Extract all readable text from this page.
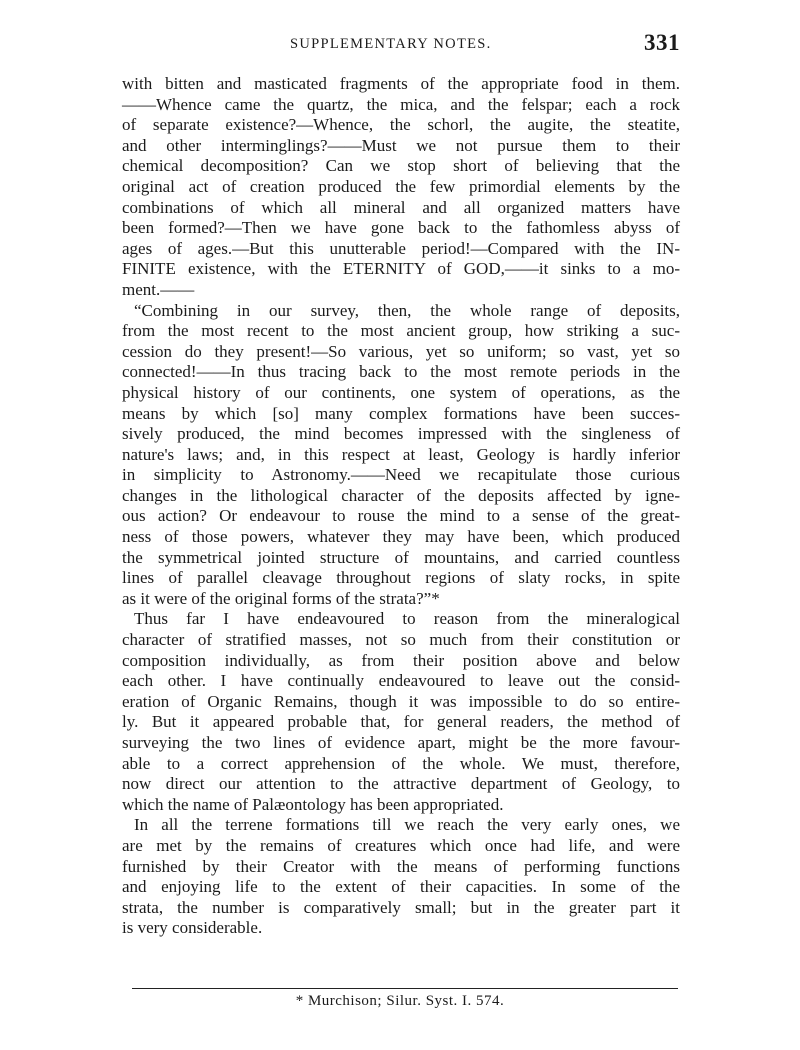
SUPPLEMENTARY NOTES.	331
with bitten and masticated fragments of the appropriate food in them.
——Whence came the quartz, the mica, and the felspar; each a rock
of separate existence?—Whence, the schorl, the augite, the steatite,
and other interminglings?——Must we not pursue them to their
chemical decomposition? Can we stop short of believing that the
original act of creation produced the few primordial elements by the
combinations of which all mineral and all organized matters have
been formed?—Then we have gone back to the fathomless abyss of
ages of ages.—But this unutterable period!—Compared with the IN-
FINITE existence, with the ETERNITY of GOD,——it sinks to a mo-
ment.——
“Combining in our survey, then, the whole range of deposits,
from the most recent to the most ancient group, how striking a suc-
cession do they present!—So various, yet so uniform; so vast, yet so
connected!——In thus tracing back to the most remote periods in the
physical history of our continents, one system of operations, as the
means by which [so] many complex formations have been succes-
sively produced, the mind becomes impressed with the singleness of
nature's laws; and, in this respect at least, Geology is hardly inferior
in simplicity to Astronomy.——Need we recapitulate those curious
changes in the lithological character of the deposits affected by igne-
ous action? Or endeavour to rouse the mind to a sense of the great-
ness of those powers, whatever they may have been, which produced
the symmetrical jointed structure of mountains, and carried countless
lines of parallel cleavage throughout regions of slaty rocks, in spite
as it were of the original forms of the strata?”*
Thus far I have endeavoured to reason from the mineralogical
character of stratified masses, not so much from their constitution or
composition individually, as from their position above and below
each other. I have continually endeavoured to leave out the consid-
eration of Organic Remains, though it was impossible to do so entire-
ly. But it appeared probable that, for general readers, the method of
surveying the two lines of evidence apart, might be the more favour-
able to a correct apprehension of the whole. We must, therefore,
now direct our attention to the attractive department of Geology, to
which the name of Palæontology has been appropriated.
In all the terrene formations till we reach the very early ones, we
are met by the remains of creatures which once had life, and were
furnished by their Creator with the means of performing functions
and enjoying life to the extent of their capacities. In some of the
strata, the number is comparatively small; but in the greater part it
is very considerable.
* Murchison; Silur. Syst. I. 574.
